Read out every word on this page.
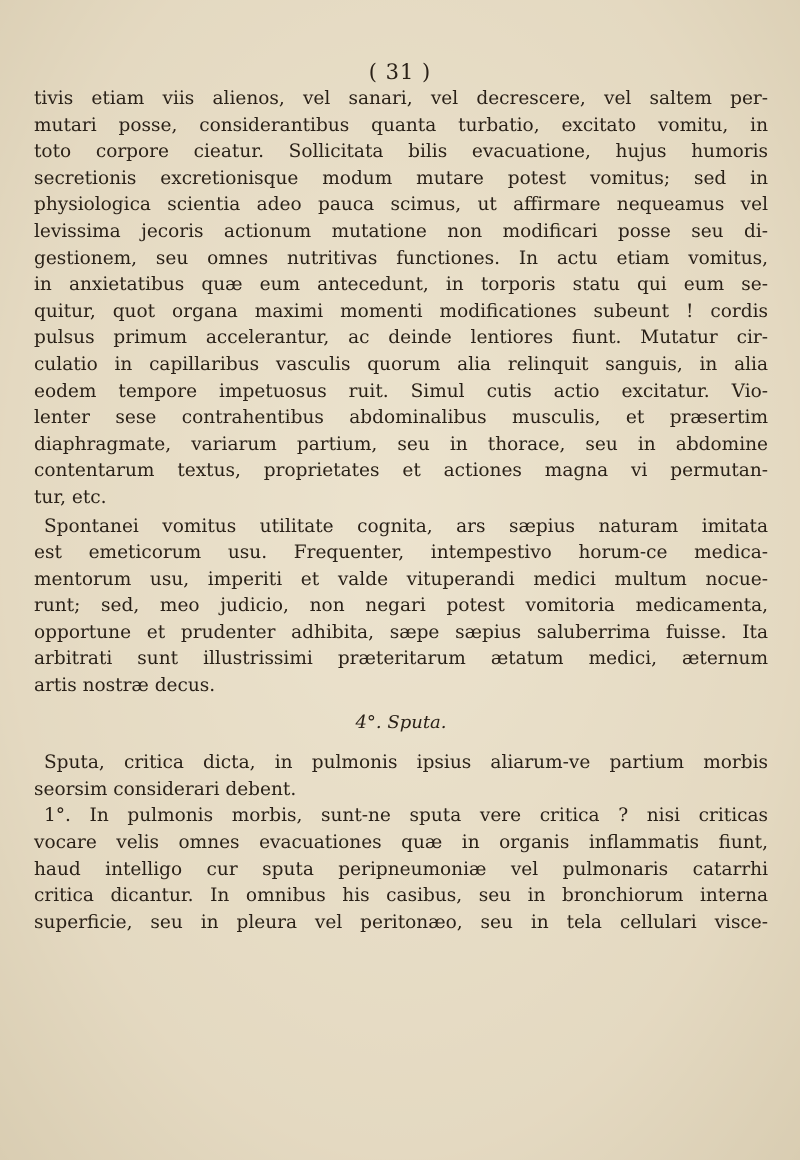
( 31 )
tivis etiam viis alienos, vel sanari, vel decrescere, vel saltem per-
mutari posse, considerantibus quanta turbatio, excitato vomitu, in
toto corpore cieatur. Sollicitata bilis evacuatione, hujus humoris
secretionis excretionisque modum mutare potest vomitus; sed in
physiologica scientia adeo pauca scimus, ut affirmare nequeamus vel
levissima jecoris actionum mutatione non modificari posse seu di-
gestionem, seu omnes nutritivas functiones. In actu etiam vomitus,
in anxietatibus quæ eum antecedunt, in torporis statu qui eum se-
quitur, quot organa maximi momenti modificationes subeunt ! cordis
pulsus primum accelerantur, ac deinde lentiores fiunt. Mutatur cir-
culatio in capillaribus vasculis quorum alia relinquit sanguis, in alia
eodem tempore impetuosus ruit. Simul cutis actio excitatur. Vio-
lenter sese contrahentibus abdominalibus musculis, et præsertim
diaphragmate, variarum partium, seu in thorace, seu in abdomine
contentarum textus, proprietates et actiones magna vi permutan-
tur, etc.
Spontanei vomitus utilitate cognita, ars sæpius naturam imitata
est emeticorum usu. Frequenter, intempestivo horum-ce medica-
mentorum usu, imperiti et valde vituperandi medici multum nocue-
runt; sed, meo judicio, non negari potest vomitoria medicamenta,
opportune et prudenter adhibita, sæpe sæpius saluberrima fuisse. Ita
arbitrati sunt illustrissimi præteritarum ætatum medici, æternum
artis nostræ decus.
4°. Sputa.
Sputa, critica dicta, in pulmonis ipsius aliarum-ve partium morbis
seorsim considerari debent.
1°. In pulmonis morbis, sunt-ne sputa vere critica ? nisi criticas
vocare velis omnes evacuationes quæ in organis inflammatis fiunt,
haud intelligo cur sputa peripneumoniæ vel pulmonaris catarrhi
critica dicantur. In omnibus his casibus, seu in bronchiorum interna
superficie, seu in pleura vel peritonæo, seu in tela cellulari visce-
